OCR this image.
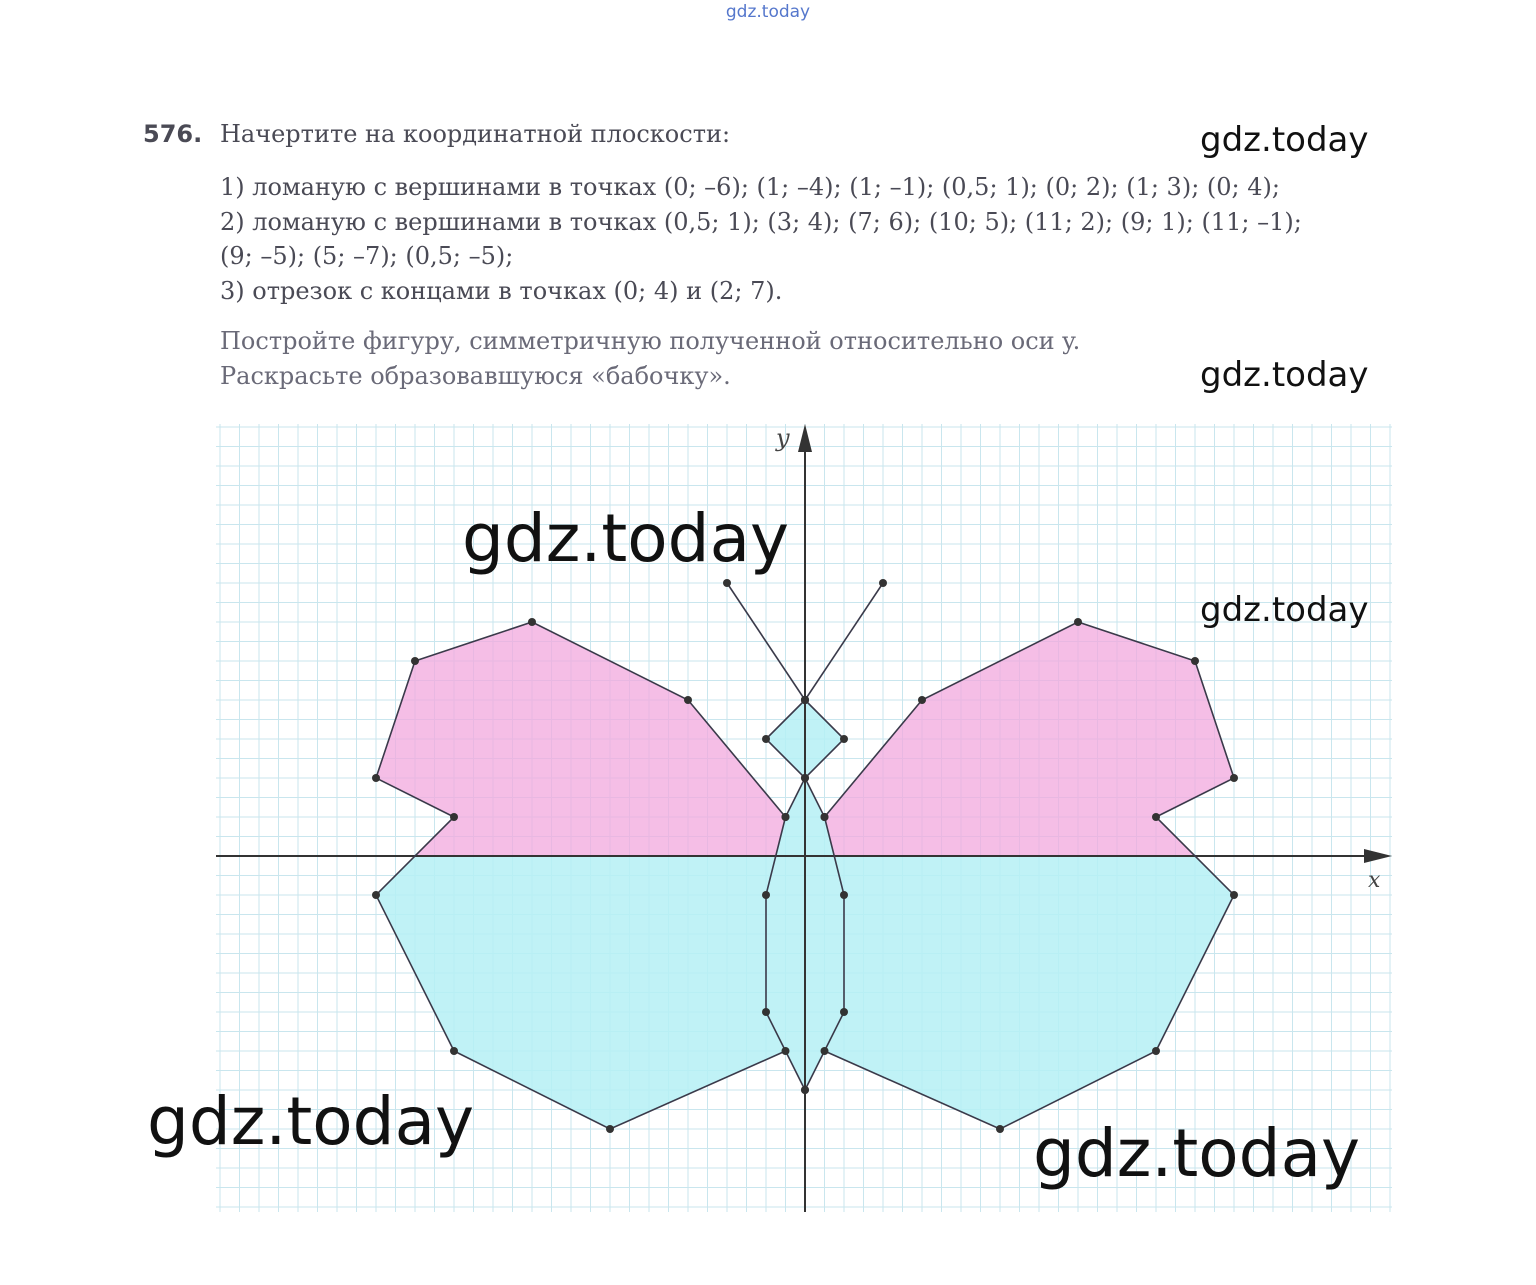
gdz.today
x
y
576. Начертите на координатной плоскости:
1) ломаную с вершинами в точках (0; –6); (1; –4); (1; –1); (0,5; 1); (0; 2); (1; 3); (0; 4);
2) ломаную с вершинами в точках (0,5; 1); (3; 4); (7; 6); (10; 5); (11; 2); (9; 1); (11; –1);
(9; –5); (5; –7); (0,5; –5);
3) отрезок с концами в точках (0; 4) и (2; 7).
Постройте фигуру, симметричную полученной относительно оси y.
Раскрасьте образовавшуюся «бабочку».
gdz.today
gdz.today
gdz.today
gdz.today
gdz.today	gdz.today
